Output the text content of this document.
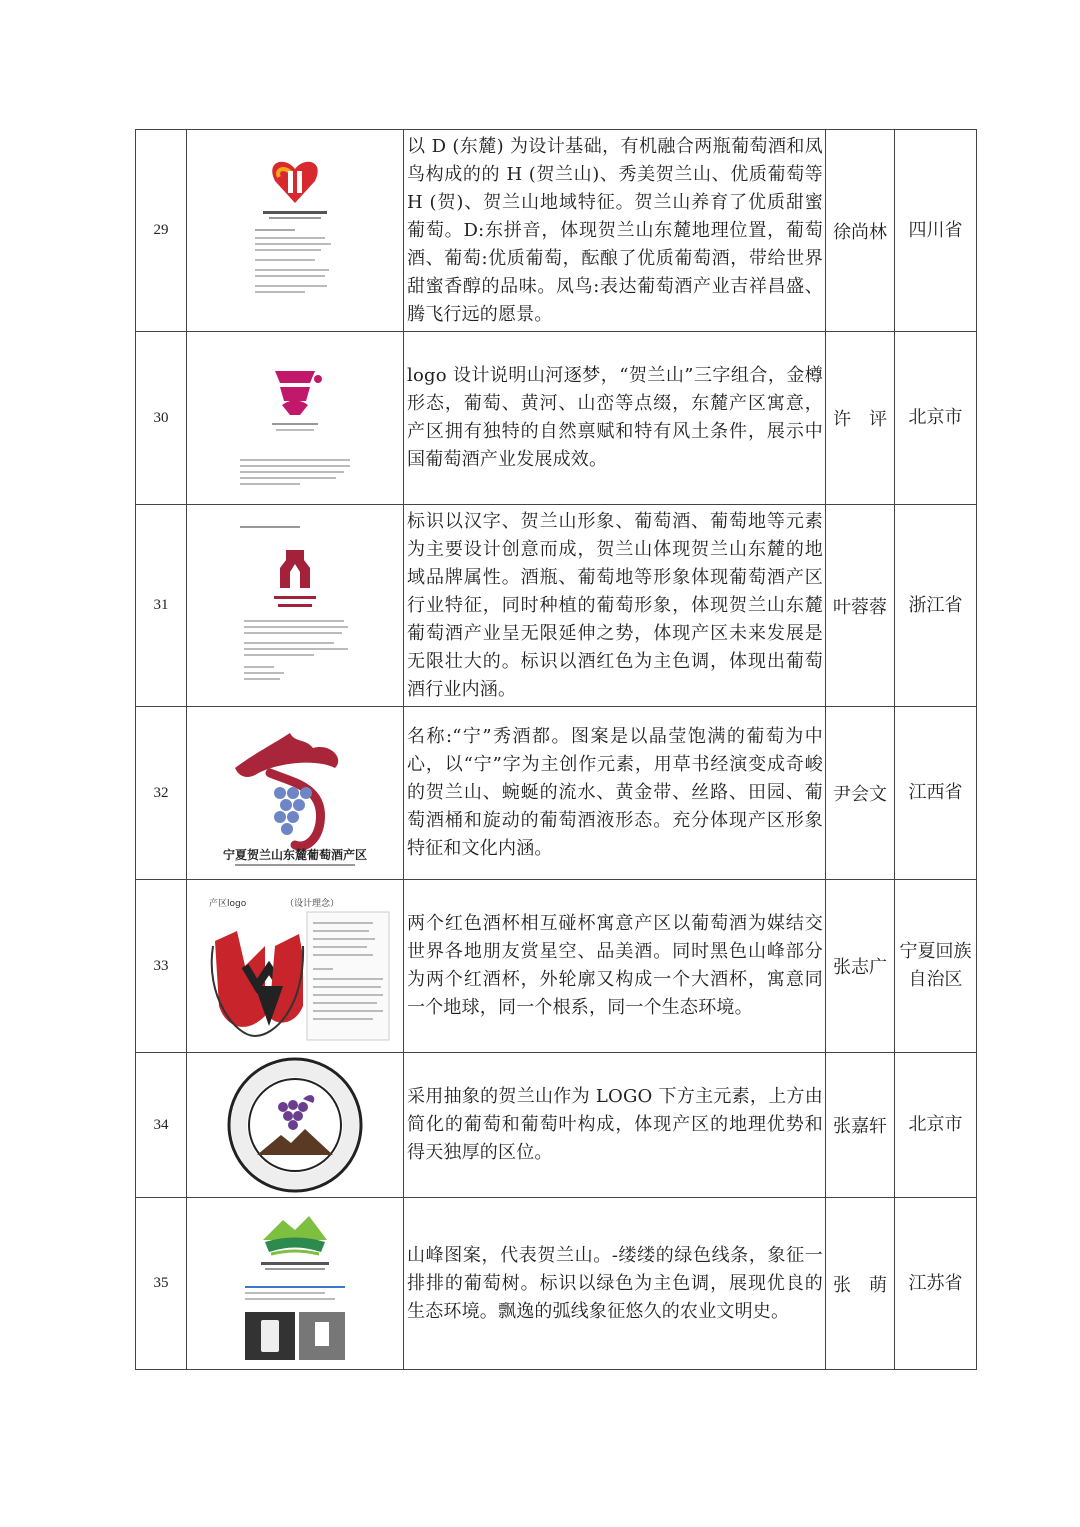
29		以 D (东麓) 为设计基础，有机融合两瓶葡萄酒和凤鸟构成的的 H (贺兰山)、秀美贺兰山、优质葡萄等 H (贺)、贺兰山地域特征。贺兰山养育了优质甜蜜葡萄。D:东拼音，体现贺兰山东麓地理位置，葡萄酒、葡萄:优质葡萄，酝酿了优质葡萄酒，带给世界甜蜜香醇的品味。凤鸟:表达葡萄酒产业吉祥昌盛、腾飞行远的愿景。	徐尚林	四川省
30		logo 设计说明山河逐梦，“贺兰山”三字组合，金樽形态，葡萄、黄河、山峦等点缀，东麓产区寓意，产区拥有独特的自然禀赋和特有风土条件，展示中国葡萄酒产业发展成效。	许　评	北京市
31		标识以汉字、贺兰山形象、葡萄酒、葡萄地等元素为主要设计创意而成，贺兰山体现贺兰山东麓的地域品牌属性。酒瓶、葡萄地等形象体现葡萄酒产区行业特征，同时种植的葡萄形象，体现贺兰山东麓葡萄酒产业呈无限延伸之势，体现产区未来发展是无限壮大的。标识以酒红色为主色调，体现出葡萄酒行业内涵。	叶蓉蓉	浙江省
32	宁夏贺兰山东麓葡萄酒产区	名称:“宁”秀酒都。图案是以晶莹饱满的葡萄为中心，以“宁”字为主创作元素，用草书经演变成奇峻的贺兰山、蜿蜒的流水、黄金带、丝路、田园、葡萄酒桶和旋动的葡萄酒液形态。充分体现产区形象特征和文化内涵。	尹会文	江西省
33	产区logo （设计理念）	两个红色酒杯相互碰杯寓意产区以葡萄酒为媒结交世界各地朋友赏星空、品美酒。同时黑色山峰部分为两个红酒杯，外轮廓又构成一个大酒杯，寓意同一个地球，同一个根系，同一个生态环境。	张志广	宁夏回族自治区
34		采用抽象的贺兰山作为 LOGO 下方主元素，上方由简化的葡萄和葡萄叶构成，体现产区的地理优势和得天独厚的区位。	张嘉轩	北京市
35		山峰图案，代表贺兰山。-缕缕的绿色线条，象征一排排的葡萄树。标识以绿色为主色调，展现优良的生态环境。飘逸的弧线象征悠久的农业文明史。	张　萌	江苏省
